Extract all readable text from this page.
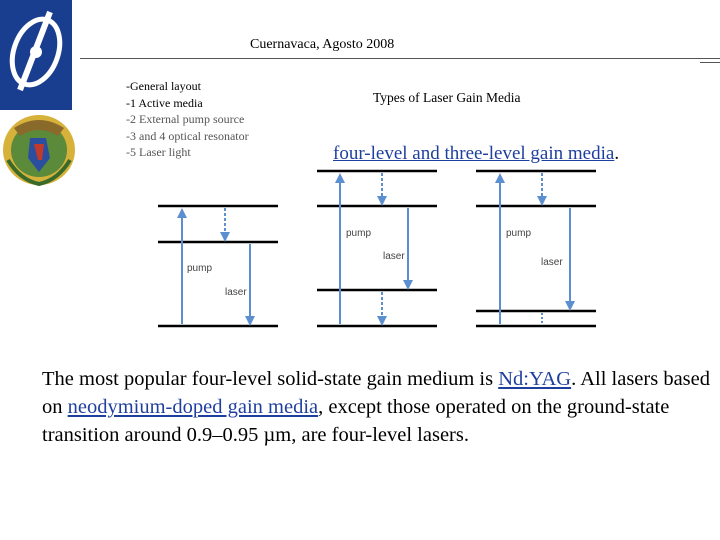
Cuernavaca, Agosto 2008
-General layout
-1 Active media
-2 External pump source
-3 and 4 optical resonator
-5 Laser light
Types of Laser Gain Media
four-level and three-level gain media.
pump
laser
pump
laser
pump
laser
The most popular four-level solid-state gain medium is Nd:YAG. All lasers based on neodymium-doped gain media, except those operated on the ground-state transition around 0.9–0.95 µm, are four-level lasers.
